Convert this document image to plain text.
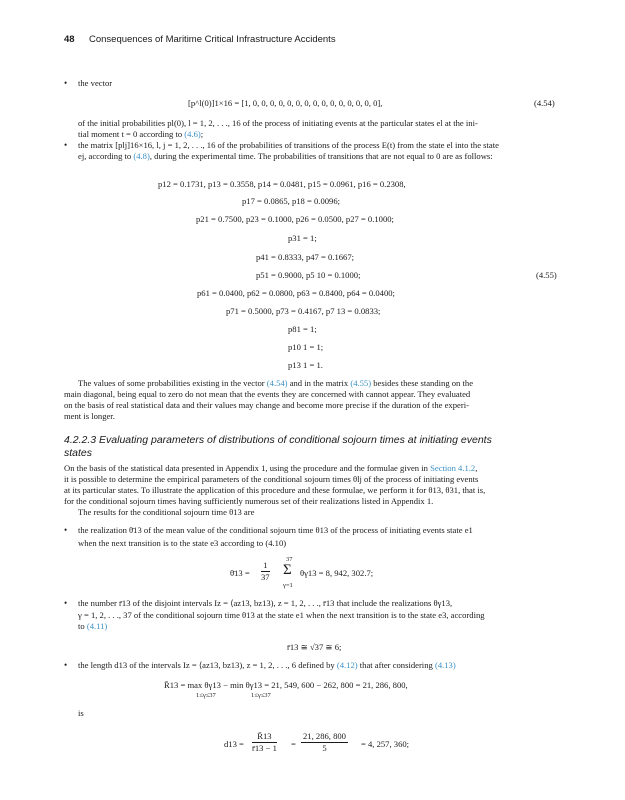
48 Consequences of Maritime Critical Infrastructure Accidents
• the vector
[p^l(0)]1×16 = [1, 0, 0, 0, 0, 0, 0, 0, 0, 0, 0, 0, 0, 0, 0, 0],	(4.54)
of the initial probabilities pl(0), l = 1, 2, . . ., 16 of the process of initiating events at the particular states el at the ini-
tial moment t = 0 according to (4.6);
• the matrix [plj]16×16, l, j = 1, 2, . . ., 16 of the probabilities of transitions of the process E(t) from the state el into the state
ej, according to (4.8), during the experimental time. The probabilities of transitions that are not equal to 0 are as follows:
p12 = 0.1731, p13 = 0.3558, p14 = 0.0481, p15 = 0.0961, p16 = 0.2308,
p17 = 0.0865, p18 = 0.0096;
p21 = 0.7500, p23 = 0.1000, p26 = 0.0500, p27 = 0.1000;
p31 = 1;
p41 = 0.8333, p47 = 0.1667;
p51 = 0.9000, p5 10 = 0.1000;	(4.55)
p61 = 0.0400, p62 = 0.0800, p63 = 0.8400, p64 = 0.0400;
p71 = 0.5000, p73 = 0.4167, p7 13 = 0.0833;
p81 = 1;
p10 1 = 1;
p13 1 = 1.
The values of some probabilities existing in the vector (4.54) and in the matrix (4.55) besides these standing on the
main diagonal, being equal to zero do not mean that the events they are concerned with cannot appear. They evaluated
on the basis of real statistical data and their values may change and become more precise if the duration of the experi-
ment is longer.
4.2.2.3 Evaluating parameters of distributions of conditional sojourn times at initiating events
states
On the basis of the statistical data presented in Appendix 1, using the procedure and the formulae given in Section 4.1.2,
it is possible to determine the empirical parameters of the conditional sojourn times θlj of the process of initiating events
at its particular states. To illustrate the application of this procedure and these formulae, we perform it for θ13, θ31, that is,
for the conditional sojourn times having sufficiently numerous set of their realizations listed in Appendix 1.
The results for the conditional sojourn time θ13 are
• the realization θ̄13 of the mean value of the conditional sojourn time θ13 of the process of initiating events state e1
when the next transition is to the state e3 according to (4.10)
θ̄13 = $\frac{1}{37}$
37
Σ
γ=1
θγ13 = 8, 942, 302.7;
• the number r̄13 of the disjoint intervals Iz = ⟨az13, bz13), z = 1, 2, . . ., r̄13 that include the realizations θγ13,
γ = 1, 2, . . ., 37 of the conditional sojourn time θ13 at the state e1 when the next transition is to the state e3, according
to (4.11)
r̄13 ≅ √37 ≅ 6;
• the length d13 of the intervals Iz = ⟨az13, bz13), z = 1, 2, . . ., 6 defined by (4.12) that after considering (4.13)
R̄13 = max θγ13 − min θγ13 = 21, 549, 600 − 262, 800 = 21, 286, 800,
1≤γ≤37	1≤γ≤37
is
$d13 = \frac{R̄13}{r̄13 - 1} = \frac{21, 286, 800}{5} = 4$, 257, 360;
